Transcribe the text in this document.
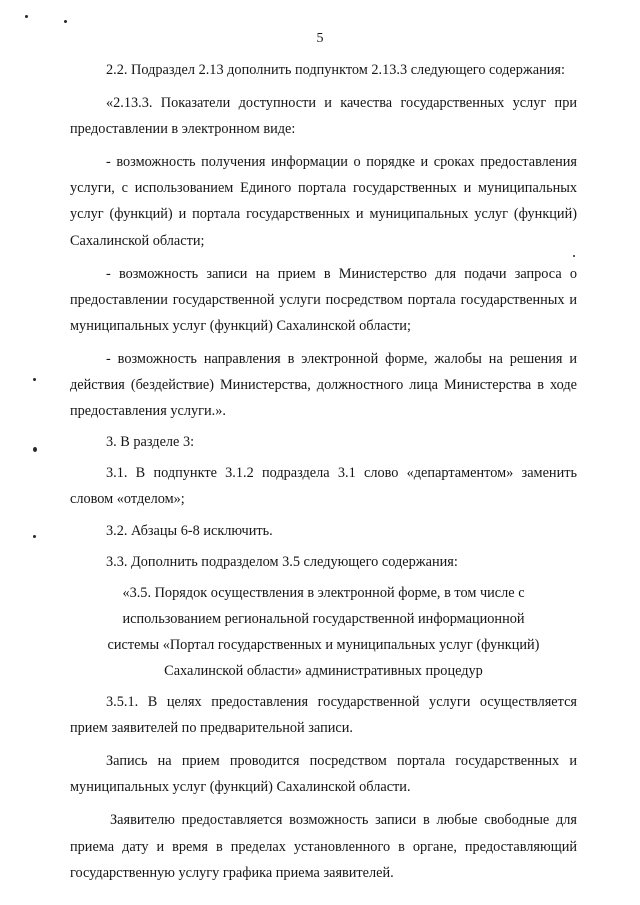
5

2.2. Подраздел 2.13 дополнить подпунктом 2.13.3 следующего содержания:

«2.13.3. Показатели доступности и качества государственных услуг при предоставлении в электронном виде:

- возможность получения информации о порядке и сроках предоставления услуги, с использованием Единого портала государственных и муниципальных услуг (функций) и портала государственных и муниципальных услуг (функций) Сахалинской области;

- возможность записи на прием в Министерство для подачи запроса о предоставлении государственной услуги посредством портала государственных и муниципальных услуг (функций) Сахалинской области;

- возможность направления в электронной форме, жалобы на решения и действия (бездействие) Министерства, должностного лица Министерства в ходе предоставления услуги.».

3. В разделе 3:

3.1. В подпункте 3.1.2 подраздела 3.1 слово «департаментом» заменить словом «отделом»;

3.2. Абзацы 6-8 исключить.

3.3. Дополнить подразделом 3.5 следующего содержания:

«3.5. Порядок осуществления в электронной форме, в том числе с

использованием региональной государственной информационной

системы «Портал государственных и муниципальных услуг (функций)

Сахалинской области» административных процедур

3.5.1. В целях предоставления государственной услуги осуществляется прием заявителей по предварительной записи.

Запись на прием проводится посредством портала государственных и муниципальных услуг (функций) Сахалинской области.

Заявителю предоставляется возможность записи в любые свободные для приема дату и время в пределах установленного в органе, предоставляющий государственную услугу графика приема заявителей.
